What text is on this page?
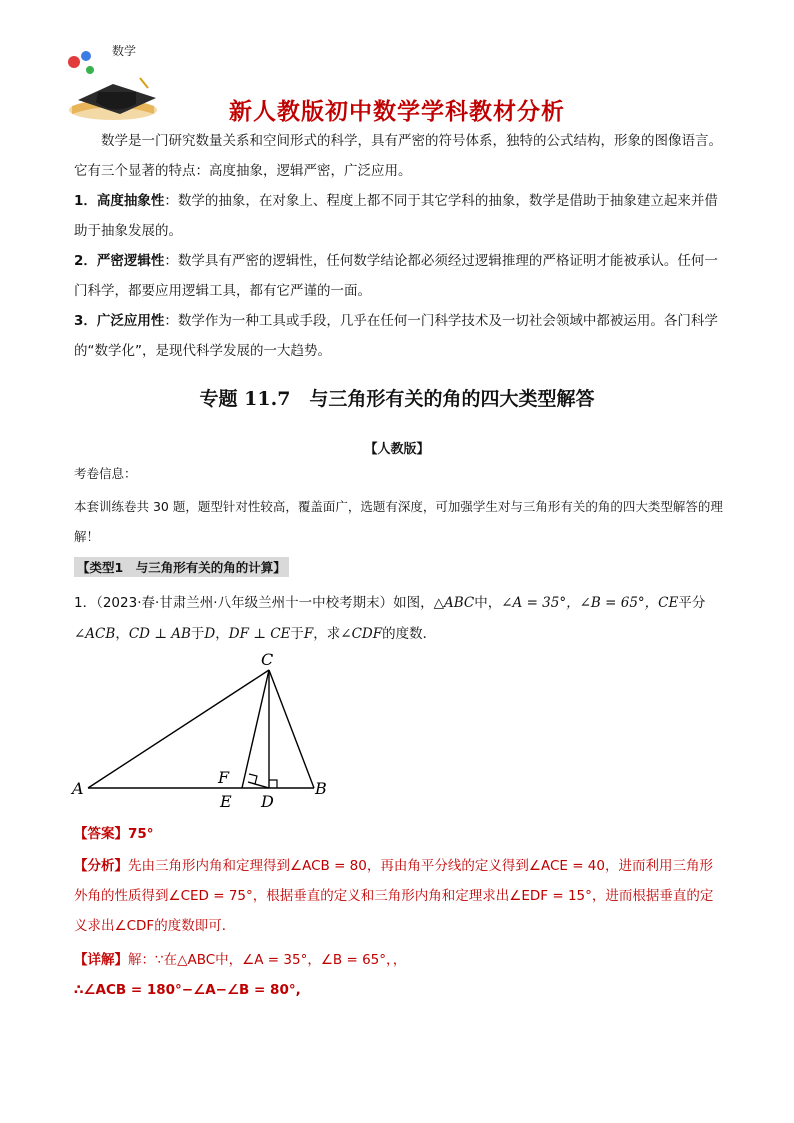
数学
新人教版初中数学学科教材分析
数学是一门研究数量关系和空间形式的科学，具有严密的符号体系，独特的公式结构，形象的图像语言。它有三个显著的特点：高度抽象，逻辑严密，广泛应用。
1．高度抽象性：数学的抽象，在对象上、程度上都不同于其它学科的抽象，数学是借助于抽象建立起来并借助于抽象发展的。
2．严密逻辑性：数学具有严密的逻辑性，任何数学结论都必须经过逻辑推理的严格证明才能被承认。任何一门科学，都要应用逻辑工具，都有它严谨的一面。
3．广泛应用性：数学作为一种工具或手段，几乎在任何一门科学技术及一切社会领域中都被运用。各门科学的“数学化”，是现代科学发展的一大趋势。
专题 11.7　与三角形有关的角的四大类型解答
【人教版】
考卷信息：
本套训练卷共 30 题，题型针对性较高，覆盖面广，选题有深度，可加强学生对与三角形有关的角的四大类型解答的理解！
【类型1　与三角形有关的角的计算】
1．（2023·春·甘肃兰州·八年级兰州十一中校考期末）如图，△ABC中，∠A = 35°，∠B = 65°，CE平分
∠ACB，CD ⊥ AB于D，DF ⊥ CE于F，求∠CDF的度数．
C
A	B
E D
F
【答案】75°
【分析】先由三角形内角和定理得到∠ACB = 80，再由角平分线的定义得到∠ACE = 40，进而利用三角形外角的性质得到∠CED = 75°，根据垂直的定义和三角形内角和定理求出∠EDF = 15°，进而根据垂直的定义求出∠CDF的度数即可．
【详解】解：∵在△ABC中，∠A = 35°，∠B = 65°，，
∴∠ACB = 180°−∠A−∠B = 80°,
